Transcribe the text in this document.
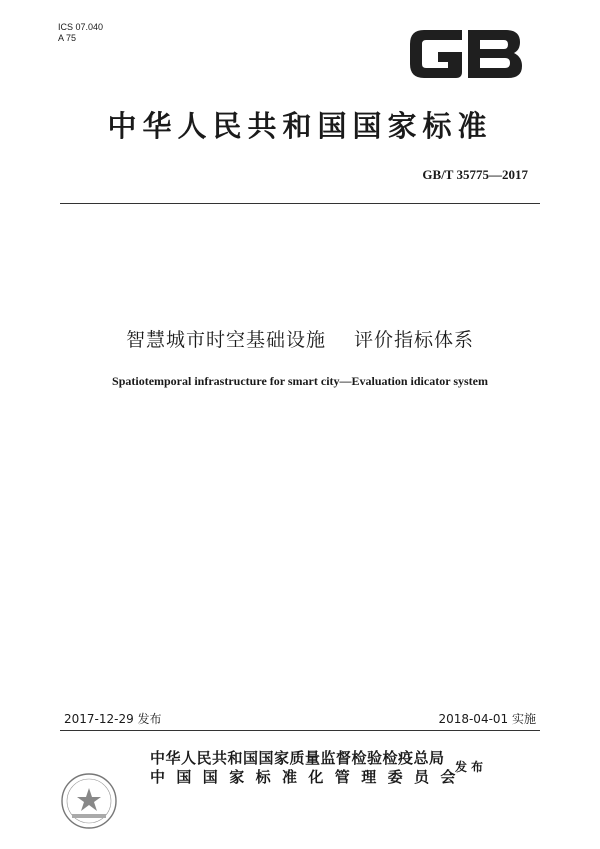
ICS 07.040
A 75
中华人民共和国国家标准
GB/T 35775—2017
智慧城市时空基础设施 评价指标体系
Spatiotemporal infrastructure for smart city—Evaluation idicator system
2017-12-29 发布	2018-04-01 实施
中华人民共和国国家质量监督检验检疫总局
中国国家标准化管理委员会
发布
